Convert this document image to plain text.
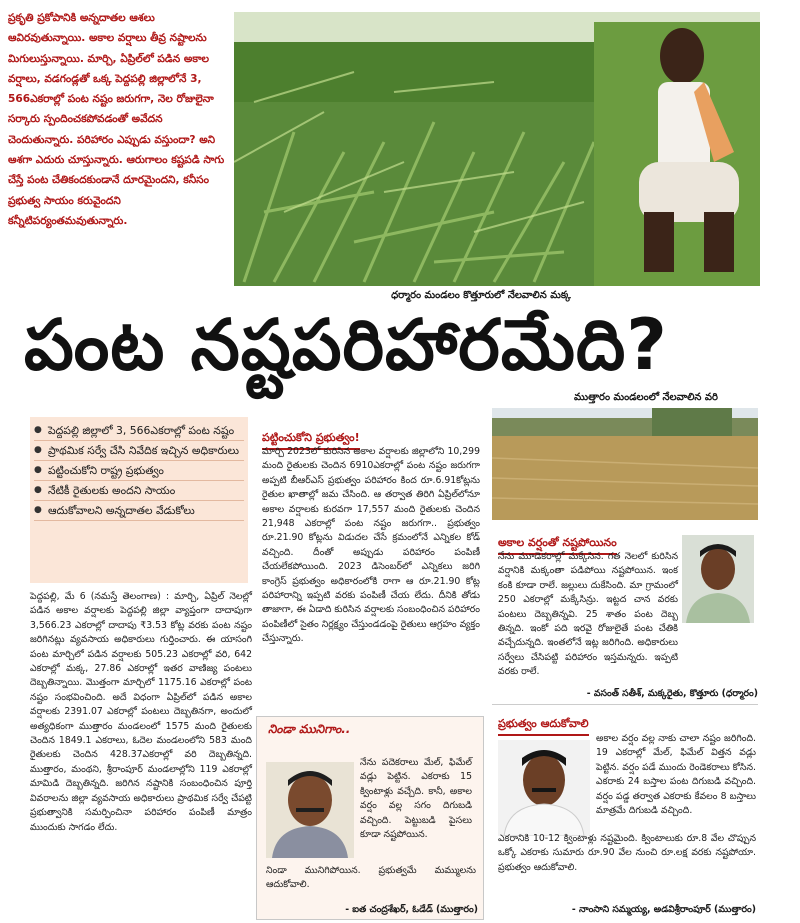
ప్రకృతి ప్రకోపానికి అన్నదాతల ఆశలు ఆవిరవుతున్నాయి. అకాల వర్షాలు తీవ్ర నష్టాలను మిగులుస్తున్నాయి. మార్చి, ఏప్రిల్‌లో పడిన అకాల వర్షాలు, వడగండ్లతో ఒక్క పెద్దపల్లి జిల్లాలోనే 3, 566ఎకరాల్లో పంట నష్టం జరుగగా, నెల రోజులైనా సర్కారు స్పందించకపోవడంతో అవేదన చెందుతున్నారు. పరిహారం ఎప్పుడు వస్తుందా? అని ఆశగా ఎదురు చూస్తున్నారు. ఆరుగాలం కష్టపడి సాగు చేస్తే పంట చేతికందకుండానే దూరమైందని, కనీసం ప్రభుత్వ సాయం కరువైందని కన్నీటిపర్యంతమవుతున్నారు.
ధర్మారం మండలం కొత్తూరులో నేలవాలిన మక్క
పంట నష్టపరిహారమేది?
ముత్తారం మండలంలో నేలవాలిన వరి
● పెద్దపల్లి జిల్లాలో 3, 566ఎకరాల్లో పంట నష్టం
● ప్రాథమిక సర్వే చేసి నివేదిక ఇచ్చిన అధికారులు
● పట్టించుకోని రాష్ట్ర ప్రభుత్వం
● నేటికీ రైతులకు అందని సాయం
● ఆదుకోవాలని అన్నదాతల వేడుకోలు
పెద్దపల్లి, మే 6 (నమస్తే తెలంగాణ) : మార్చి, ఏప్రిల్ నెలల్లో పడిన అకాల వర్షాలకు పెద్దపల్లి జిల్లా వ్యాప్తంగా దాదాపుగా 3,566.23 ఎకరాల్లో దాదాపు ₹3.53 కోట్ల వరకు పంట నష్టం జరిగినట్లు వ్యవసాయ అధికారులు గుర్తించారు. ఈ యాసంగి పంట మార్చిలో పడిన వర్షాలకు 505.23 ఎకరాల్లో వరి, 642 ఎకరాల్లో మక్క, 27.86 ఎకరాల్లో ఇతర వాణిజ్య పంటలు దెబ్బతిన్నాయి. మొత్తంగా మార్చిలో 1175.16 ఎకరాల్లో పంట నష్టం సంభవించింది. అదే విధంగా ఏప్రిల్‌లో పడిన అకాల వర్షాలకు 2391.07 ఎకరాల్లో పంటలు దెబ్బతినగా, అందులో అత్యధికంగా ముత్తారం మండలంలో 1575 మంది రైతులకు చెందిన 1849.1 ఎకరాలు, ఓదెల మండలంలోని 583 మంది రైతులకు చెందిన 428.37ఎకరాల్లో వరి దెబ్బతిన్నది. ముత్తారం, మంథని, శ్రీరాంపూర్ మండలాల్లోని 119 ఎకరాల్లో మామిడి దెబ్బతిన్నది. జరిగిన నష్టానికి సంబంధించిన పూర్తి వివరాలను జిల్లా వ్యవసాయ అధికారులు ప్రాథమిక సర్వే చేపట్టి ప్రభుత్వానికి సమర్పించినా పరిహారం పంపిణీ మాత్రం ముందుకు సాగడం లేదు.
పట్టించుకోని ప్రభుత్వం!
మార్చి 2023లో కురిసిన అకాల వర్షాలకు జిల్లాలోని 10,299 మంది రైతులకు చెందిన 6910ఎకరాల్లో పంట నష్టం జరుగగా అప్పటి బీఆర్‌ఎస్ ప్రభుత్వం పరిహారం కింద రూ.6.91కోట్లను రైతుల ఖాతాల్లో జమ చేసింది. ఆ తర్వాత తిరిగి ఏప్రిల్‌లోనూ అకాల వర్షాలకు కురవగా 17,557 మంది రైతులకు చెందిన 21,948 ఎకరాల్లో పంట నష్టం జరుగగా.. ప్రభుత్వం రూ.21.90 కోట్లను విడుదల చేసే క్రమంలోనే ఎన్నికల కోడ్ వచ్చింది. దీంతో అప్పుడు పరిహారం పంపిణీ చేయలేకపోయింది. 2023 డిసెంబర్‌లో ఎన్నికలు జరిగి కాంగ్రెస్ ప్రభుత్వం అధికారంలోకి రాగా ఆ రూ.21.90 కోట్ల పరిహారాన్ని ఇప్పటి వరకు పంపిణీ చేయ లేదు. దీనికి తోడు తాజాగా, ఈ ఏడాది కురిసిన వర్షాలకు సంబంధించిన పరిహారం పంపిణీలో సైతం నిర్లక్ష్యం చేస్తుండడంపై రైతులు ఆగ్రహం వ్యక్తం చేస్తున్నారు.
నిండా మునిగాం..
నేను పదెకరాలు మేల్, ఫిమేల్ వడ్లు పెట్టిన. ఎకరాకు 15 క్వింటాళ్లు వచ్చేది. కానీ, అకాల వర్షం వల్ల సగం దిగుబడి వచ్చింది. పెట్టుబడి పైసలు కూడా నష్టపోయిన.
నిండా మునిగిపోయిన. ప్రభుత్వమే మమ్ములను ఆదుకోవాలి.
- ఐత చంద్రశేఖర్, ఓడేడ్ (ముత్తారం)
అకాల వర్షంతో నష్టపోయినం
నేను మూడెకరాల్లో మక్కేసిన. గత నెలలో కురిసిన వర్షానికి మక్కంతా పడిపోయి నష్టపోయిన. ఇంక కంకి కూడా రాలే. జల్లులు దుకేసింది. మా గ్రామంలో 250 ఎకరాల్లో మక్కేసిన్రు. ఇట్టద చాన వరకు పంటలు దెబ్బతిన్నవి. 25 శాతం పంట దెబ్బ తిన్నది. ఇంకో పది ఇరవై రోజులైతే పంట చేతికి వచ్చేదున్నది. ఇంతలోనే ఇట్ల జరిగింది. అధికారులు సర్వేలు చేసిపట్టి పరిహారం ఇస్తమన్నరు. ఇప్పటి వరకు రాలే.
- వసంత్ సతీశ్, మక్కరైతు, కొత్తూరు (ధర్మారం)
ప్రభుత్వం ఆదుకోవాలి
అకాల వర్షం వల్ల నాకు చాలా నష్టం జరిగింది. 19 ఎకరాల్లో మేల్, ఫిమేల్ విత్తన వడ్లు పెట్టిన. వర్షం పడే ముందు రెండెకరాలు కోసిన. ఎకరాకు 24 బస్తాల పంట దిగుబడి వచ్చింది. వర్షం పడ్డ తర్వాత ఎకరాకు కేవలం 8 బస్తాలు మాత్రమే దిగుబడి వచ్చింది.
ఎకరానికి 10-12 క్వింటాళ్లు నష్టమైంది. క్వింటాలుకు రూ.8 వేల చొప్పున ఒక్కో ఎకరాకు సుమారు రూ.90 వేల నుంచి రూ.లక్ష వరకు నష్టపోయా. ప్రభుత్వం ఆదుకోవాలి.
- నాంసాని సమ్మయ్య, అడవిశ్రీరాంపూర్ (ముత్తారం)
